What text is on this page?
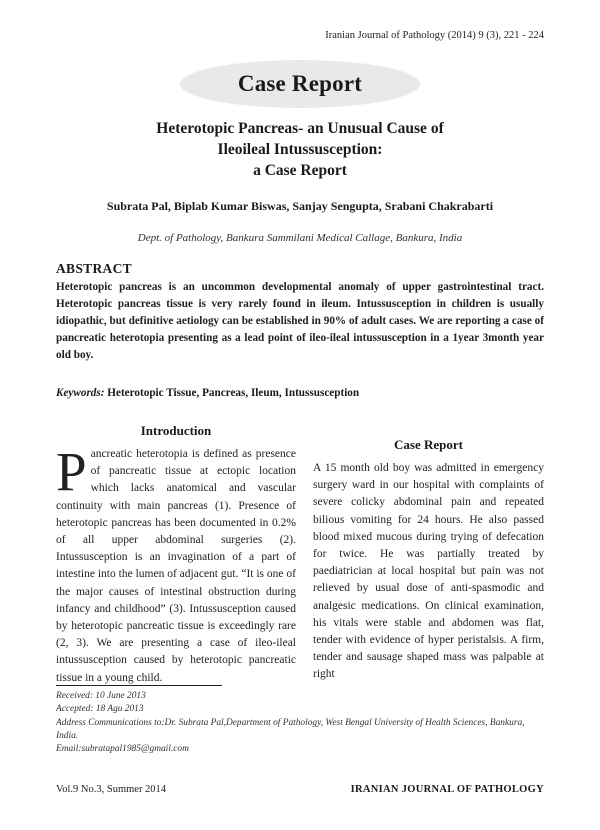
Iranian Journal of Pathology (2014) 9 (3), 221 - 224
Case Report
Heterotopic Pancreas- an Unusual Cause of
Ileoileal Intussusception:
a Case Report
Subrata Pal, Biplab Kumar Biswas, Sanjay Sengupta, Srabani Chakrabarti
Dept. of Pathology, Bankura Sammilani Medical Callage, Bankura, India
ABSTRACT
Heterotopic pancreas is an uncommon developmental anomaly of upper gastrointestinal tract. Heterotopic pancreas tissue is very rarely found in ileum. Intussusception in children is usually idiopathic, but definitive aetiology can be established in 90% of adult cases. We are reporting a case of pancreatic heterotopia presenting as a lead point of ileo-ileal intussusception in a 1year 3month year old boy.
Keywords: Heterotopic Tissue, Pancreas, Ileum, Intussusception
Introduction
Pancreatic heterotopia is defined as presence of pancreatic tissue at ectopic location which lacks anatomical and vascular continuity with main pancreas (1). Presence of heterotopic pancreas has been documented in 0.2% of all upper abdominal surgeries (2). Intussusception is an invagination of a part of intestine into the lumen of adjacent gut. “It is one of the major causes of intestinal obstruction during infancy and childhood” (3). Intussusception caused by heterotopic pancreatic tissue is exceedingly rare (2, 3). We are presenting a case of ileo-ileal intussusception caused by heterotopic pancreatic tissue in a young child.
Case Report
A 15 month old boy was admitted in emergency surgery ward in our hospital with complaints of severe colicky abdominal pain and repeated bilious vomiting for 24 hours. He also passed blood mixed mucous during trying of defecation for twice. He was partially treated by paediatrician at local hospital but pain was not relieved by usual dose of anti-spasmodic and analgesic medications. On clinical examination, his vitals were stable and abdomen was flat, tender with evidence of hyper peristalsis. A firm, tender and sausage shaped mass was palpable at right
Received: 10 June 2013
Accepted: 18 Agu 2013
Address Communications to:Dr. Subrata Pal,Department of Pathology, West Bengal University of Health Sciences, Bankura,
India.
Email:subratapal1985@gmail.com
Vol.9 No.3, Summer 2014	IRANIAN JOURNAL OF PATHOLOGY
